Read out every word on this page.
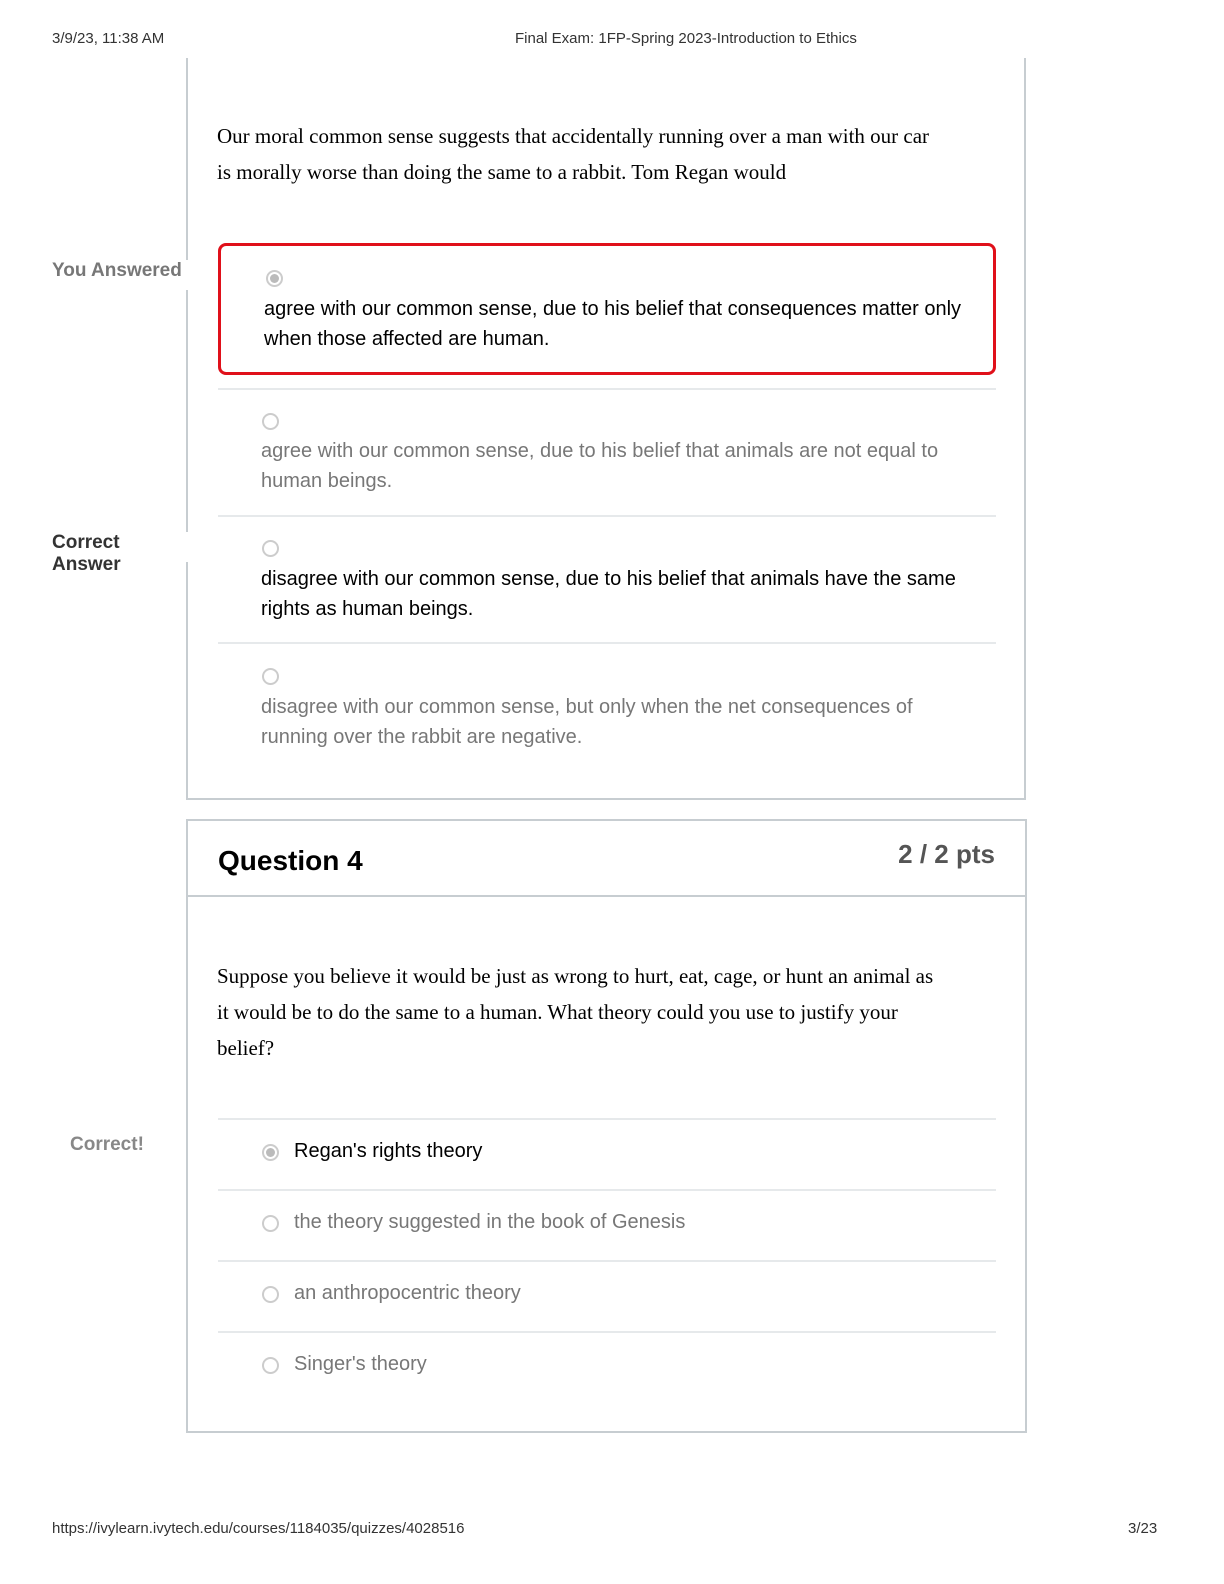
3/9/23, 11:38 AM	Final Exam: 1FP-Spring 2023-Introduction to Ethics
Our moral common sense suggests that accidentally running over a man with our car is morally worse than doing the same to a rabbit. Tom Regan would
You Answered
Correct Answer
agree with our common sense, due to his belief that consequences matter only when those affected are human.
agree with our common sense, due to his belief that animals are not equal to human beings.
disagree with our common sense, due to his belief that animals have the same rights as human beings.
disagree with our common sense, but only when the net consequences of running over the rabbit are negative.
Question 4	2 / 2 pts
Suppose you believe it would be just as wrong to hurt, eat, cage, or hunt an animal as it would be to do the same to a human. What theory could you use to justify your belief?
Correct!	Regan's rights theory
the theory suggested in the book of Genesis
an anthropocentric theory
Singer's theory
https://ivylearn.ivytech.edu/courses/1184035/quizzes/4028516	3/23
